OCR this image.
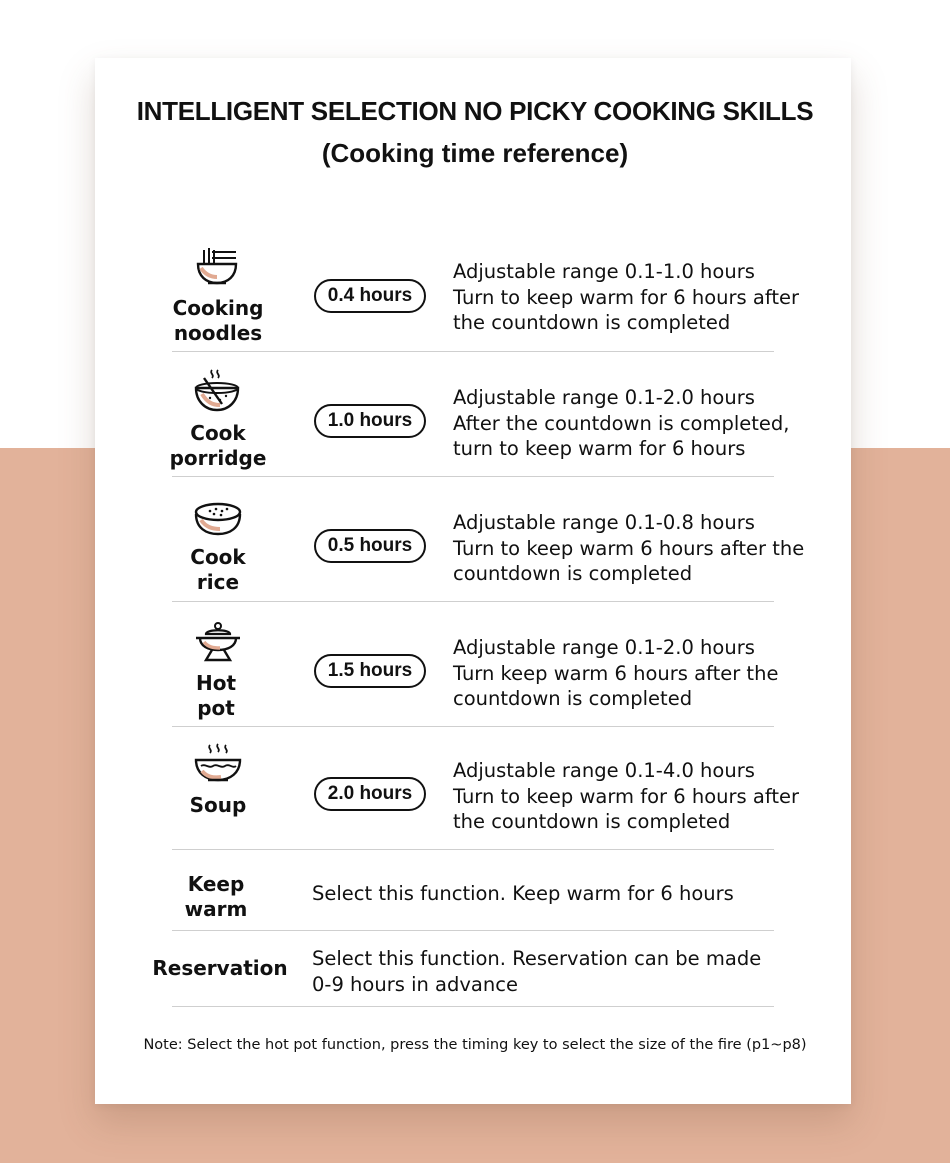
INTELLIGENT SELECTION NO PICKY COOKING SKILLS
(Cooking time reference)
Cooking
noodles
0.4 hours
Adjustable range 0.1-1.0 hours
Turn to keep warm for 6 hours after
the countdown is completed
Cook
porridge
1.0 hours
Adjustable range 0.1-2.0 hours
After the countdown is completed,
turn to keep warm for 6 hours
Cook
rice
0.5 hours
Adjustable range 0.1-0.8 hours
Turn to keep warm 6 hours after the
countdown is completed
Hot
pot
1.5 hours
Adjustable range 0.1-2.0 hours
Turn keep warm 6 hours after the
countdown is completed
Soup	2.0 hours
Adjustable range 0.1-4.0 hours
Turn to keep warm for 6 hours after
the countdown is completed
Keep
warm
Select this function. Keep warm for 6 hours
Reservation Select this function. Reservation can be made
0-9 hours in advance
Note: Select the hot pot function, press the timing key to select the size of the fire (p1~p8)
